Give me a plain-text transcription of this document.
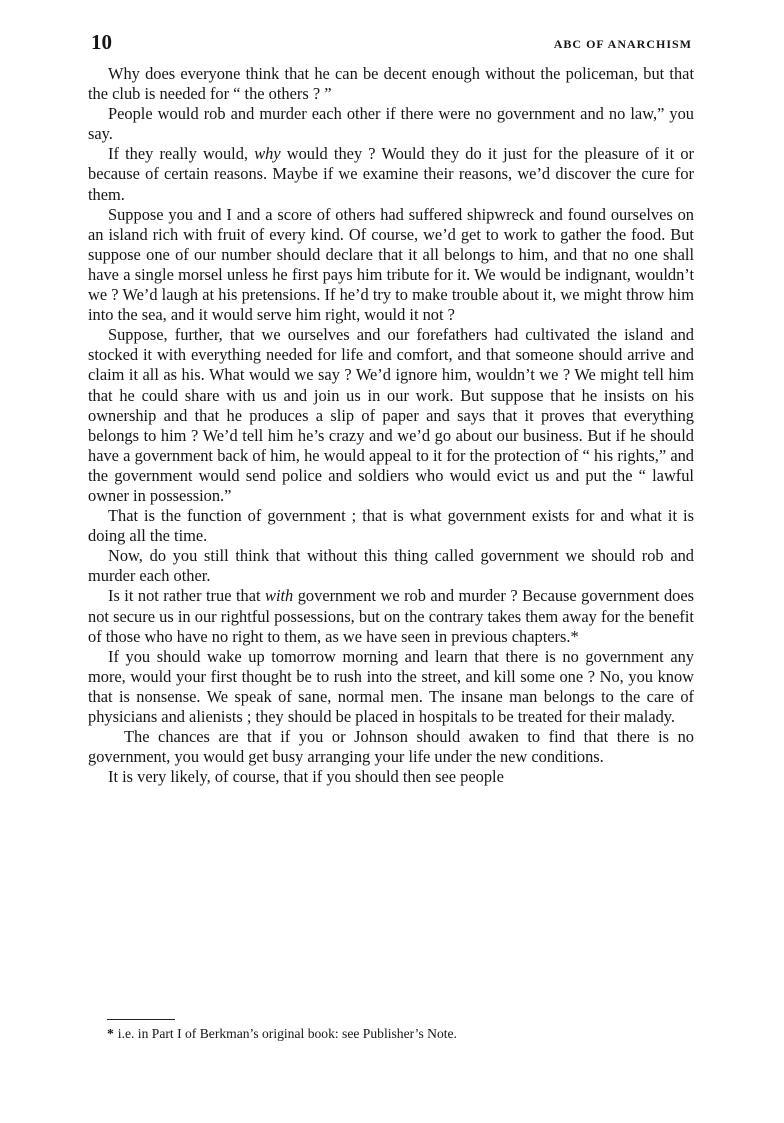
10	ABC OF ANARCHISM

Why does everyone think that he can be decent enough without the policeman, but that the club is needed for “ the others ? ”

People would rob and murder each other if there were no government and no law,” you say.

If they really would, why would they ? Would they do it just for the pleasure of it or because of certain reasons. Maybe if we examine their reasons, we’d discover the cure for them.

Suppose you and I and a score of others had suffered shipwreck and found ourselves on an island rich with fruit of every kind. Of course, we’d get to work to gather the food. But suppose one of our number should declare that it all belongs to him, and that no one shall have a single morsel unless he first pays him tribute for it. We would be indignant, wouldn’t we ? We’d laugh at his pretensions. If he’d try to make trouble about it, we might throw him into the sea, and it would serve him right, would it not ?

Suppose, further, that we ourselves and our forefathers had cultivated the island and stocked it with everything needed for life and comfort, and that someone should arrive and claim it all as his. What would we say ? We’d ignore him, wouldn’t we ? We might tell him that he could share with us and join us in our work. But suppose that he insists on his ownership and that he produces a slip of paper and says that it proves that everything belongs to him ? We’d tell him he’s crazy and we’d go about our business. But if he should have a government back of him, he would appeal to it for the protection of “ his rights,” and the government would send police and soldiers who would evict us and put the “ lawful owner in possession.”

That is the function of government ; that is what government exists for and what it is doing all the time.

Now, do you still think that without this thing called government we should rob and murder each other.

Is it not rather true that with government we rob and murder ? Because government does not secure us in our rightful possessions, but on the contrary takes them away for the benefit of those who have no right to them, as we have seen in previous chapters.*

If you should wake up tomorrow morning and learn that there is no government any more, would your first thought be to rush into the street, and kill some one ? No, you know that is nonsense. We speak of sane, normal men. The insane man belongs to the care of physicians and alienists ; they should be placed in hospitals to be treated for their malady.

The chances are that if you or Johnson should awaken to find that there is no government, you would get busy arranging your life under the new conditions.

It is very likely, of course, that if you should then see people

* i.e. in Part I of Berkman’s original book: see Publisher’s Note.
